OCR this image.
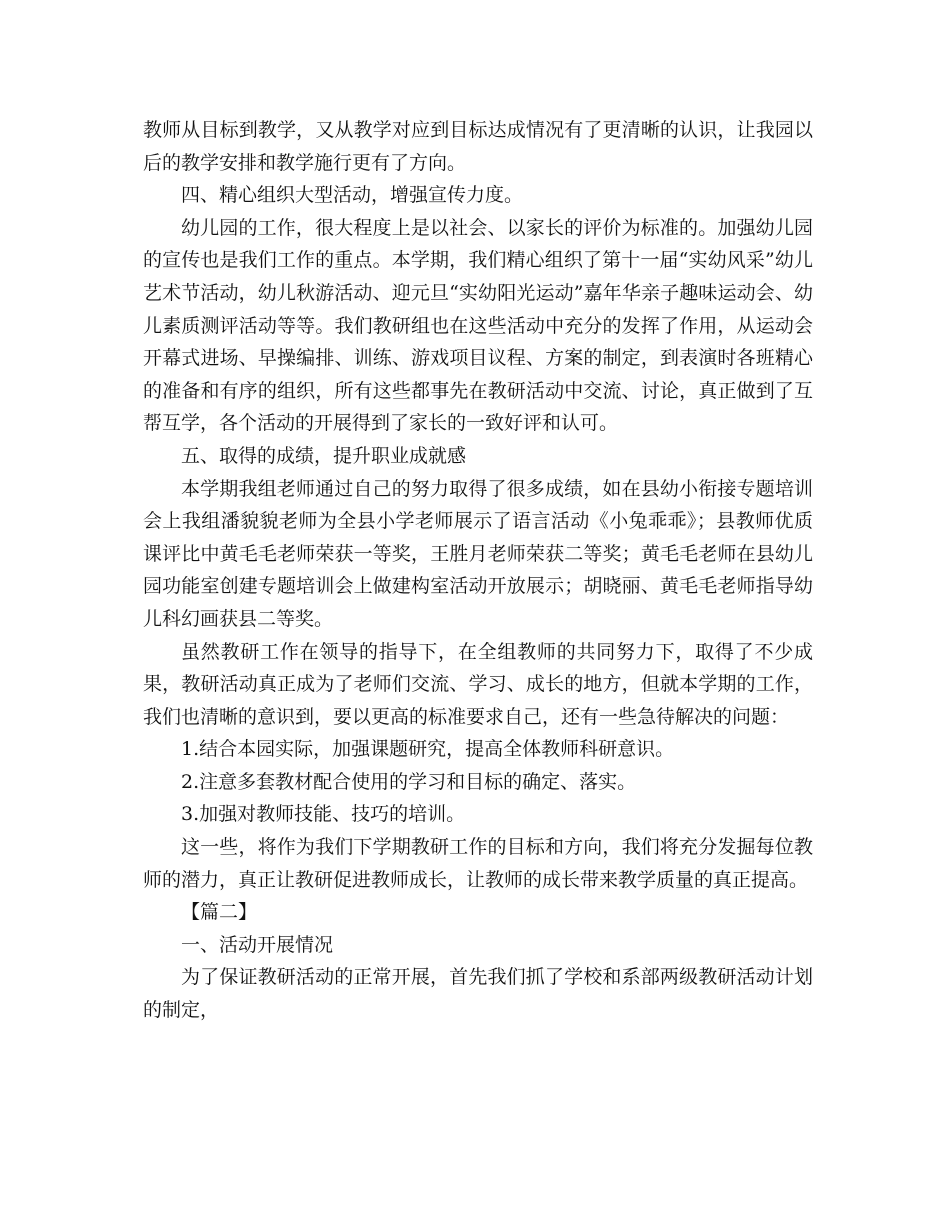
教师从目标到教学，又从教学对应到目标达成情况有了更清晰的认识，让我园以后的教学安排和教学施行更有了方向。

四、精心组织大型活动，增强宣传力度。

幼儿园的工作，很大程度上是以社会、以家长的评价为标准的。加强幼儿园的宣传也是我们工作的重点。本学期，我们精心组织了第十一届“实幼风采”幼儿艺术节活动，幼儿秋游活动、迎元旦“实幼阳光运动”嘉年华亲子趣味运动会、幼儿素质测评活动等等。我们教研组也在这些活动中充分的发挥了作用，从运动会开幕式进场、早操编排、训练、游戏项目议程、方案的制定，到表演时各班精心的准备和有序的组织，所有这些都事先在教研活动中交流、讨论，真正做到了互帮互学，各个活动的开展得到了家长的一致好评和认可。

五、取得的成绩，提升职业成就感

本学期我组老师通过自己的努力取得了很多成绩，如在县幼小衔接专题培训会上我组潘貌貌老师为全县小学老师展示了语言活动《小兔乖乖》；县教师优质课评比中黄毛毛老师荣获一等奖，王胜月老师荣获二等奖；黄毛毛老师在县幼儿园功能室创建专题培训会上做建构室活动开放展示；胡晓丽、黄毛毛老师指导幼儿科幻画获县二等奖。

虽然教研工作在领导的指导下，在全组教师的共同努力下，取得了不少成果，教研活动真正成为了老师们交流、学习、成长的地方，但就本学期的工作，我们也清晰的意识到，要以更高的标准要求自己，还有一些急待解决的问题：

1.结合本园实际，加强课题研究，提高全体教师科研意识。

2.注意多套教材配合使用的学习和目标的确定、落实。

3.加强对教师技能、技巧的培训。

这一些，将作为我们下学期教研工作的目标和方向，我们将充分发掘每位教师的潜力，真正让教研促进教师成长，让教师的成长带来教学质量的真正提高。

【篇二】

一、活动开展情况

为了保证教研活动的正常开展，首先我们抓了学校和系部两级教研活动计划的制定，
